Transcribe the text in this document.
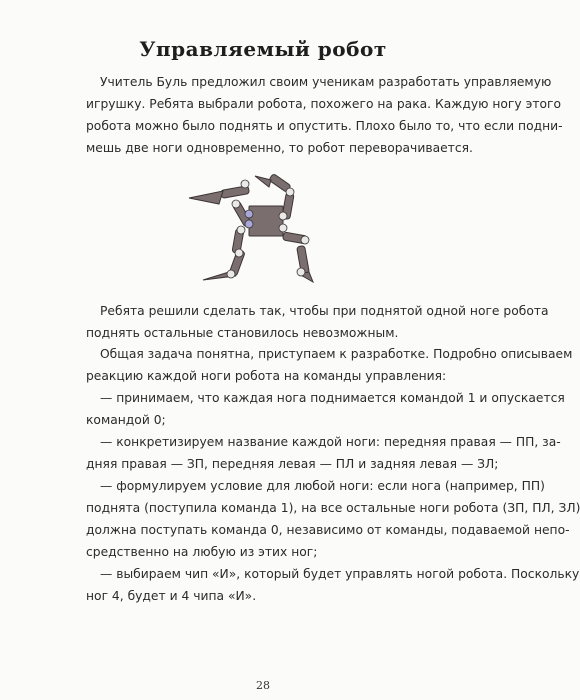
Управляемый робот

Учитель Буль предложил своим ученикам разработать управляемую
игрушку. Ребята выбрали робота, похожего на рака. Каждую ногу этого
робота можно было поднять и опустить. Плохо было то, что если подни-
мешь две ноги одновременно, то робот переворачивается.

Ребята решили сделать так, чтобы при поднятой одной ноге робота
поднять остальные становилось невозможным.

Общая задача понятна, приступаем к разработке. Подробно описываем
реакцию каждой ноги робота на команды управления:
— принимаем, что каждая нога поднимается командой 1 и опускается
командой 0;
— конкретизируем название каждой ноги: передняя правая — ПП, за-
дняя правая — ЗП, передняя левая — ПЛ и задняя левая — ЗЛ;
— формулируем условие для любой ноги: если нога (например, ПП)
поднята (поступила команда 1), на все остальные ноги робота (ЗП, ПЛ, ЗЛ)
должна поступать команда 0, независимо от команды, подаваемой непо-
средственно на любую из этих ног;
— выбираем чип «И», который будет управлять ногой робота. Поскольку
ног 4, будет и 4 чипа «И».

28
